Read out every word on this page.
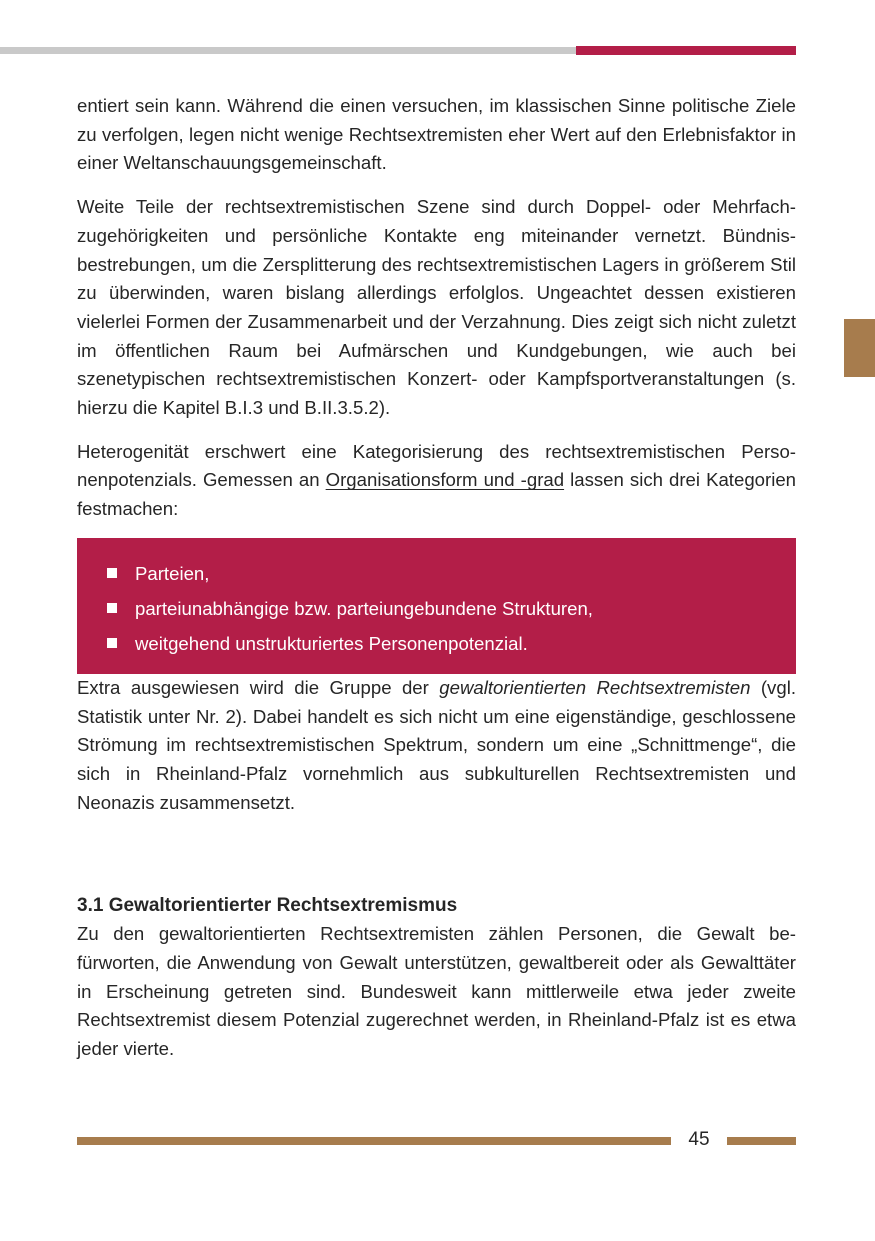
entiert sein kann. Während die einen versuchen, im klassischen Sinne politische Ziele zu verfolgen, legen nicht wenige Rechtsextremisten eher Wert auf den Erlebnisfaktor in einer Weltanschauungsgemeinschaft.

Weite Teile der rechtsextremistischen Szene sind durch Doppel- oder Mehrfachzugehörigkeiten und persönliche Kontakte eng miteinander vernetzt. Bündnisbestrebungen, um die Zersplitterung des rechtsextremistischen Lagers in größerem Stil zu überwinden, waren bislang allerdings erfolglos. Ungeachtet dessen existieren vielerlei Formen der Zusammenarbeit und der Verzahnung. Dies zeigt sich nicht zuletzt im öffentlichen Raum bei Aufmärschen und Kundgebungen, wie auch bei szenetypischen rechtsextremistischen Konzert- oder Kampfsportveranstaltungen (s. hierzu die Kapitel B.I.3 und B.II.3.5.2).

Heterogenität erschwert eine Kategorisierung des rechtsextremistischen Personenpotenzials. Gemessen an Organisationsform und -grad lassen sich drei Kategorien festmachen:

Parteien,
parteiunabhängige bzw. parteiungebundene Strukturen,
weitgehend unstrukturiertes Personenpotenzial.

Extra ausgewiesen wird die Gruppe der gewaltorientierten Rechtsextremisten (vgl. Statistik unter Nr. 2). Dabei handelt es sich nicht um eine eigenständige, geschlossene Strömung im rechtsextremistischen Spektrum, sondern um eine „Schnittmenge“, die sich in Rheinland-Pfalz vornehmlich aus subkulturellen Rechtsextremisten und Neonazis zusammensetzt.

3.1 Gewaltorientierter Rechtsextremismus

Zu den gewaltorientierten Rechtsextremisten zählen Personen, die Gewalt befürworten, die Anwendung von Gewalt unterstützen, gewaltbereit oder als Gewalttäter in Erscheinung getreten sind. Bundesweit kann mittlerweile etwa jeder zweite Rechtsextremist diesem Potenzial zugerechnet werden, in Rheinland-Pfalz ist es etwa jeder vierte.

45
